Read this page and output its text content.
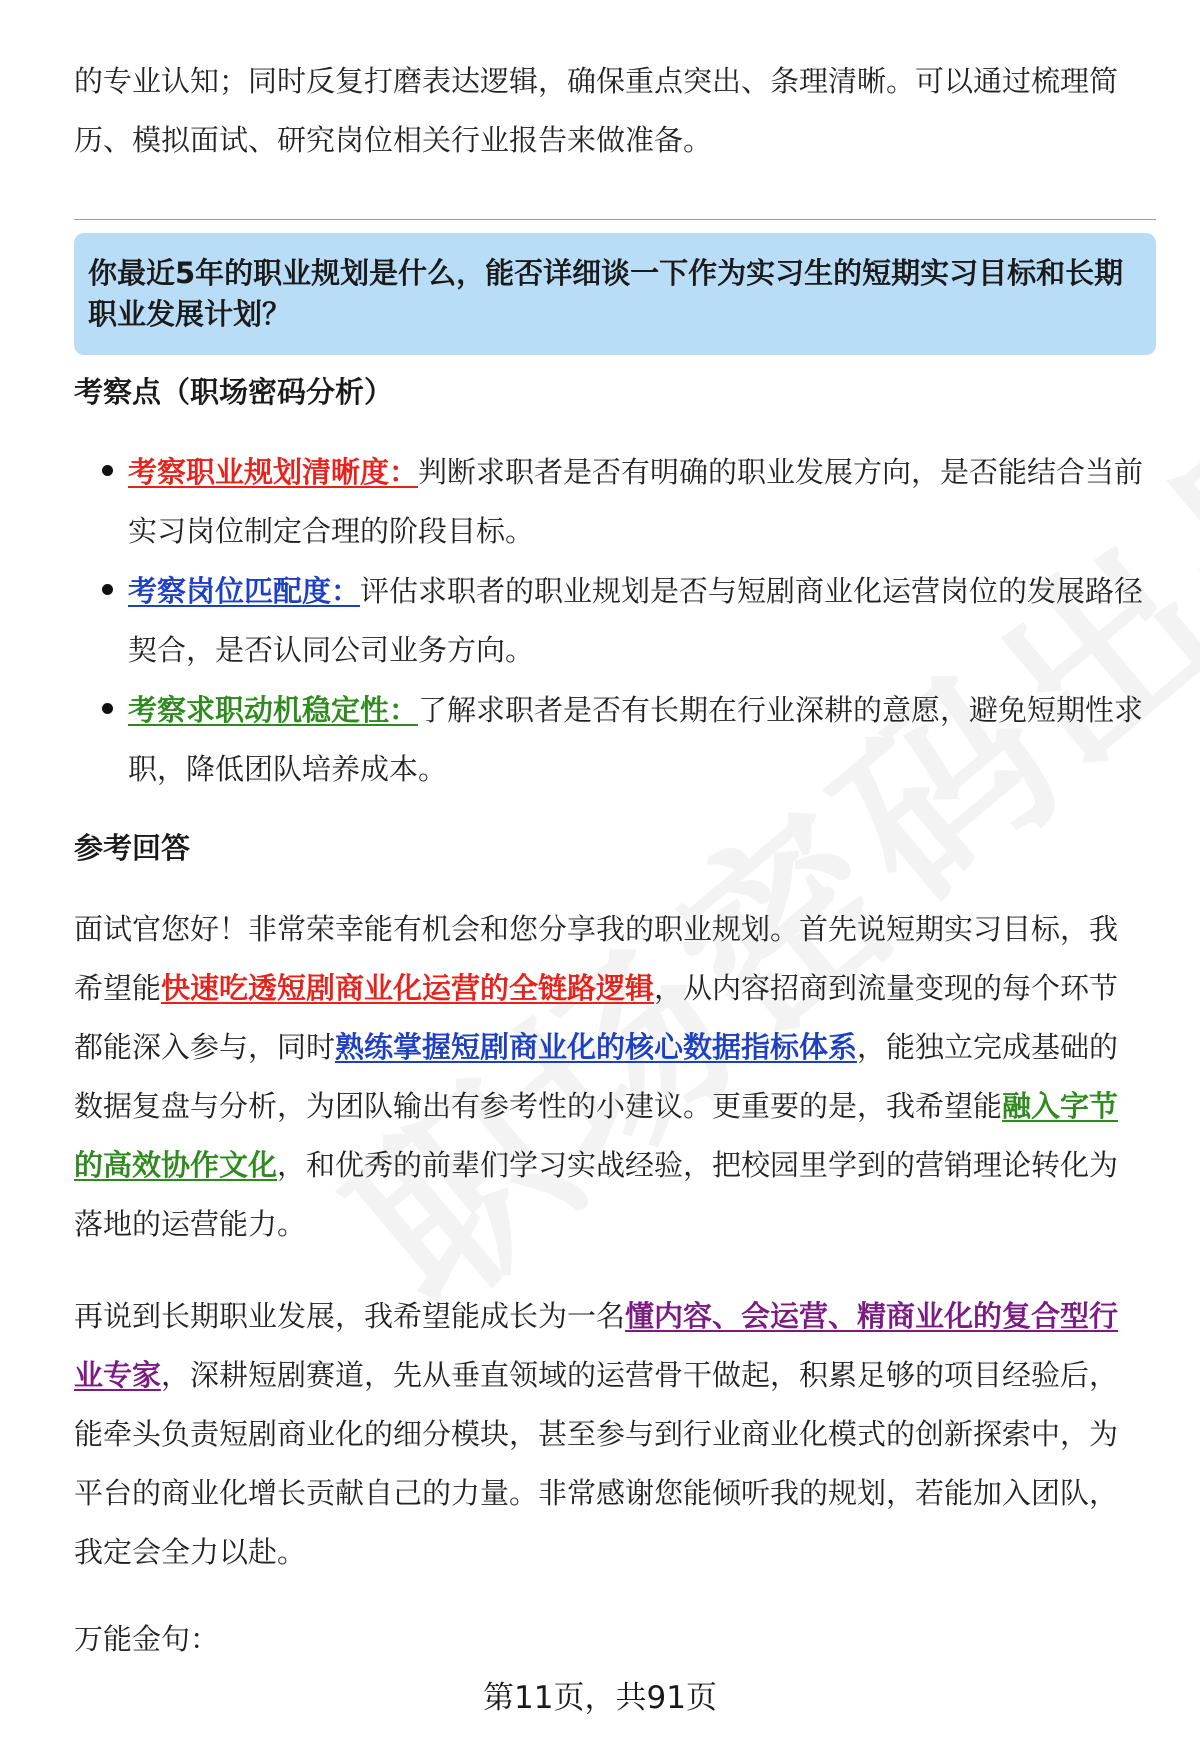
的专业认知；同时反复打磨表达逻辑，确保重点突出、条理清晰。可以通过梳理简历、模拟面试、研究岗位相关行业报告来做准备。

你最近5年的职业规划是什么，能否详细谈一下作为实习生的短期实习目标和长期职业发展计划？

考察点（职场密码分析）

考察职业规划清晰度：判断求职者是否有明确的职业发展方向，是否能结合当前实习岗位制定合理的阶段目标。
考察岗位匹配度：评估求职者的职业规划是否与短剧商业化运营岗位的发展路径契合，是否认同公司业务方向。
考察求职动机稳定性：了解求职者是否有长期在行业深耕的意愿，避免短期性求职，降低团队培养成本。

参考回答

面试官您好！非常荣幸能有机会和您分享我的职业规划。首先说短期实习目标，我希望能快速吃透短剧商业化运营的全链路逻辑，从内容招商到流量变现的每个环节都能深入参与，同时熟练掌握短剧商业化的核心数据指标体系，能独立完成基础的数据复盘与分析，为团队输出有参考性的小建议。更重要的是，我希望能融入字节的高效协作文化，和优秀的前辈们学习实战经验，把校园里学到的营销理论转化为落地的运营能力。

再说到长期职业发展，我希望能成长为一名懂内容、会运营、精商业化的复合型行业专家，深耕短剧赛道，先从垂直领域的运营骨干做起，积累足够的项目经验后，能牵头负责短剧商业化的细分模块，甚至参与到行业商业化模式的创新探索中，为平台的商业化增长贡献自己的力量。非常感谢您能倾听我的规划，若能加入团队，我定会全力以赴。

万能金句：

第11页，共91页
